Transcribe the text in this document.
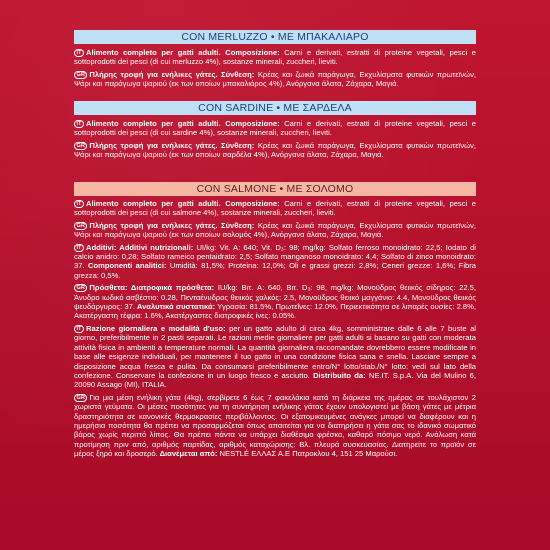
CON MERLUZZO • ΜΕ ΜΠΑΚΑΛΙΑΡΟ

IT Alimento completo per gatti adulti. Composizione: Carni e derivati, estratti di proteine vegetali, pesci e sottoprodotti dei pesci (di cui merluzzo 4%), sostanze minerali, zuccheri, lieviti.

GR Πλήρης τροφή για ενήλικες γάτες. Σύνθεση: Κρέας και ζωικά παράγωγα, Εκχυλίσματα φυτικών πρωτεϊνών, Ψάρι και παράγωγα ψαριού (εκ των οποίων μπακαλιάρος 4%), Ανόργανα άλατα, Ζάχαρα, Μαγιά.

CON SARDINE • ΜΕ ΣΑΡΔΕΛΑ

IT Alimento completo per gatti adulti. Composizione: Carni e derivati, estratti di proteine vegetali, pesci e sottoprodotti dei pesci (di cui sardine 4%), sostanze minerali, zuccheri, lieviti.

GR Πλήρης τροφή για ενήλικες γάτες. Σύνθεση: Κρέας και ζωικά παράγωγα, Εκχυλίσματα φυτικών πρωτεϊνών, Ψάρι και παράγωγα ψαριού (εκ των οποίων σαρδέλα 4%), Ανόργανα άλατα, Ζάχαρα, Μαγιά.

CON SALMONE • ΜΕ ΣΟΛΟΜΟ

IT Alimento completo per gatti adulti. Composizione: Carni e derivati, estratti di proteine vegetali, pesci e sottoprodotti dei pesci (di cui salmone 4%), sostanze minerali, zuccheri, lieviti.

GR Πλήρης τροφή για ενήλικες γάτες. Σύνθεση: Κρέας και ζωικά παράγωγα, Εκχυλίσματα φυτικών πρωτεϊνών, Ψάρι και παράγωγα ψαριού (εκ των οποίων σολομός 4%), Ανόργανα άλατα, Ζάχαρα, Μαγιά.

IT Additivi: Additivi nutrizionali: UI/kg: Vit. A: 640; Vit. D₃: 98; mg/kg: Solfato ferroso monoidrato: 22,5; Iodato di calcio anidro: 0,28; Solfato rameico pentaidrato: 2,5; Solfato manganoso monoidrato: 4,4; Solfato di zinco monoidrato: 37. Componenti analitici: Umidità: 81,5%; Proteina: 12,0%; Oli e grassi grezzi: 2,8%; Ceneri grezze: 1,6%; Fibra grezza: 0,5%.

GR Πρόσθετα: Διατροφικά πρόσθετα: IU/kg: Βιτ. A: 640, Βιτ. D₃: 98, mg/kg: Μονοϋδρος θειικός σίδηρος: 22.5, Άνυδρο ιωδικό ασβέστιο: 0.28, Πενταένυδρος θειικός χαλκός: 2.5, Μονοϋδρος θειικό μαγγάνιο: 4.4, Μονοϋδρος θειικός ψευδάργυρος: 37. Αναλυτικά συστατικά: Υγρασία: 81.5%, Πρωτεΐνες: 12.0%, Περιεκτικότητα σε λιπαρές ουσίες: 2.8%, Ακατέργαστη τέφρα: 1.6%, Ακατέργαστες διατροφικές ίνες: 0.05%.

IT Razione giornaliera e modalità d'uso: per un gatto adulto di circa 4kg, somministrare dalle 6 alle 7 buste al giorno, preferibilmente in 2 pasti separati. Le razioni medie giornaliere per gatti adulti si basano su gatti con moderata attività fisica in ambienti a temperature normali. La quantità giornaliera raccomandate dovrebbero essere modificate in base alle esigenze individuali, per mantenere il tuo gatto in una condizione fisica sana e snella. Lasciare sempre a disposizione acqua fresca e pulita. Da consumarsi preferibilmente entro/N° lotto/stab./N° lotto: vedi sul lato della confezione. Conservare la confezione in un luogo fresco e asciutto. Distribuito da: NE.IT. S.p.A. Via del Mulino 6, 20090 Assago (MI), ITALIA.

GR Για μια μέση ενήλικη γάτα (4kg), σερβίρετε 6 έως 7 φακελάκια κατά τη διάρκεια της ημέρας σε τουλάχιστον 2 χωριστά γεύματα. Οι μέσες ποσότητες για τη συντήρηση ενήλικης γάτας έχουν υπολογιστεί με βάση γάτες με μέτρια δραστηριότητα σε κανονικές θερμοκρασίες περιβάλλοντος. Οι εξατομικευμένες ανάγκες μπορεί να διαφέρουν και η ημερήσια ποσότητα θα πρέπει να προσαρμόζεται όπως απαιτείται για να διατηρήσει η γάτα σας το ιδανικό σωματικό βάρος χωρίς περιττό λίπος. Θα πρέπει πάντα να υπάρχει διαθέσιμο φρέσκο, καθαρό πόσιμο νερό. Ανάλωση κατά προτίμηση πριν από, αριθμός παρτίδας, αριθμός καταχώρισης: Βλ. πλευρά συσκευασίας. Διατηρείτε το προϊόν σε μέρος ξηρό και δροσερό. Διανέμεται από: NESTLÉ ΕΛΛΑΣ Α.Ε Πατροκλου 4, 151 25 Μαρούσι.
